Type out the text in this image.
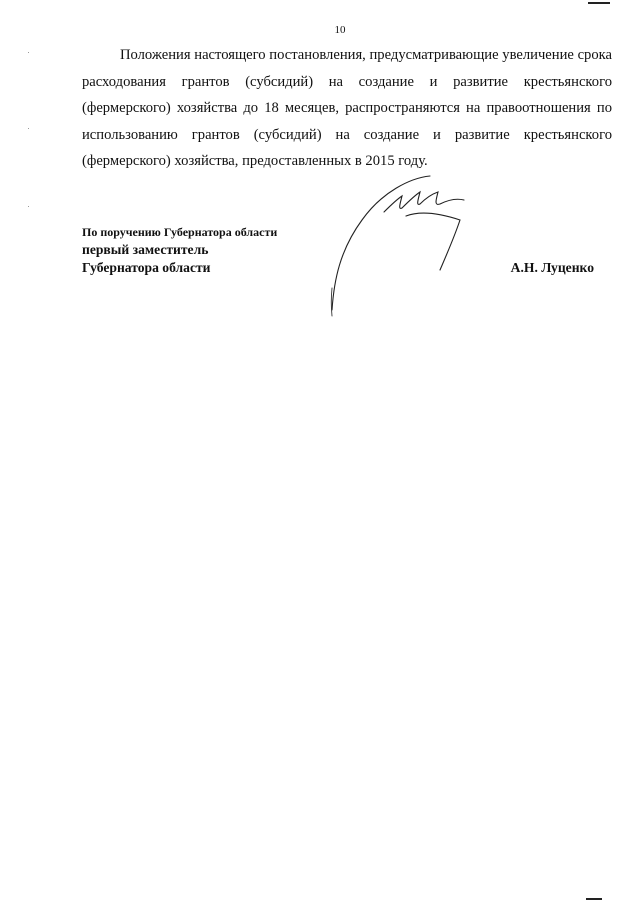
10

Положения настоящего постановления, предусматривающие увеличение срока расходования грантов (субсидий) на создание и развитие крестьянского (фермерского) хозяйства до 18 месяцев, распространяются на правоотношения по использованию грантов (субсидий) на создание и развитие крестьянского (фермерского) хозяйства, предоставленных в 2015 году.

По поручению Губернатора области
первый заместитель
Губернатора области	А.Н. Луценко
